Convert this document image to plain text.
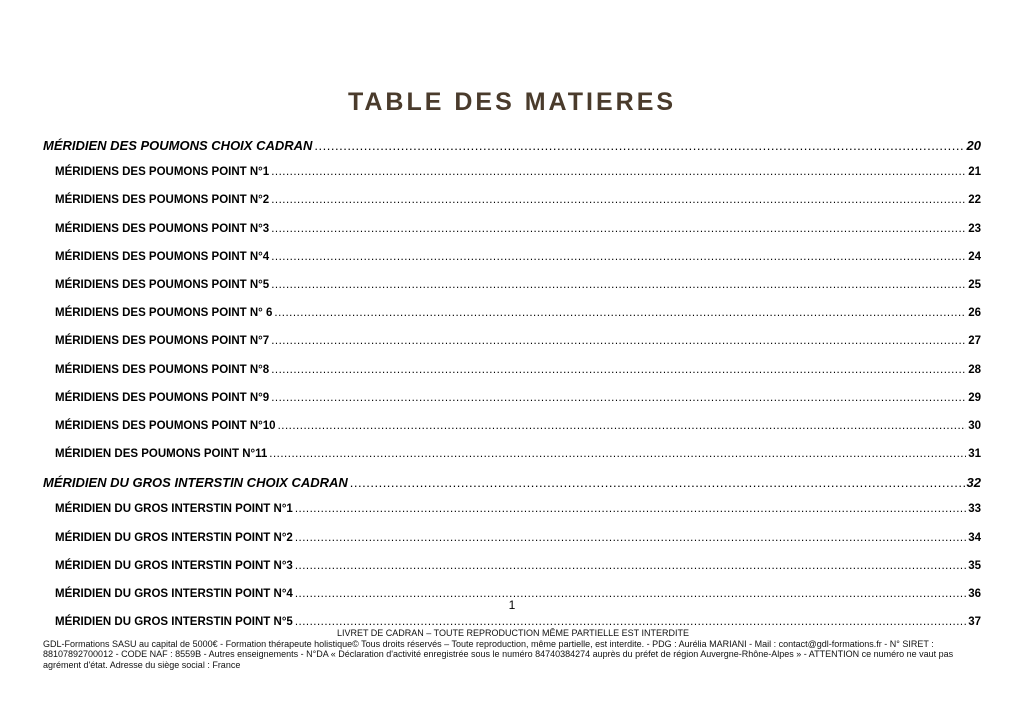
TABLE DES MATIERES
MÉRIDIEN DES POUMONS CHOIX CADRAN .....	20
MÉRIDIENS DES POUMONS POINT N°1 .....	21
MÉRIDIENS DES POUMONS POINT N°2 .....	22
MÉRIDIENS DES POUMONS POINT N°3 .....	23
MÉRIDIENS DES POUMONS POINT N°4 .....	24
MÉRIDIENS DES POUMONS POINT N°5 .....	25
MÉRIDIENS DES POUMONS POINT N° 6 .....	26
MÉRIDIENS DES POUMONS POINT N°7 .....	27
MÉRIDIENS DES POUMONS POINT N°8 .....	28
MÉRIDIENS DES POUMONS POINT N°9 .....	29
MÉRIDIENS DES POUMONS POINT N°10 .....	30
MÉRIDIEN DES POUMONS POINT N°11 .....	31
MÉRIDIEN DU GROS INTERSTIN CHOIX CADRAN .....	32
MÉRIDIEN DU GROS INTERSTIN POINT N°1 .....	33
MÉRIDIEN DU GROS INTERSTIN POINT N°2 .....	34
MÉRIDIEN DU GROS INTERSTIN POINT N°3 .....	35
MÉRIDIEN DU GROS INTERSTIN POINT N°4 .....	36
MÉRIDIEN DU GROS INTERSTIN POINT N°5 .....	37
1
LIVRET DE CADRAN – TOUTE REPRODUCTION MÊME PARTIELLE EST INTERDITE
GDL-Formations SASU au capital de 5000€ - Formation thérapeute holistique© Tous droits réservés – Toute reproduction, même partielle, est interdite. - PDG : Aurélia MARIANI - Mail : contact@gdl-formations.fr - N° SIRET : 88107892700012 - CODE NAF : 8559B - Autres enseignements - N°DA « Déclaration d'activité enregistrée sous le numéro 84740384274 auprès du préfet de région Auvergne-Rhône-Alpes » - ATTENTION ce numéro ne vaut pas agrément d'état. Adresse du siège social : France
